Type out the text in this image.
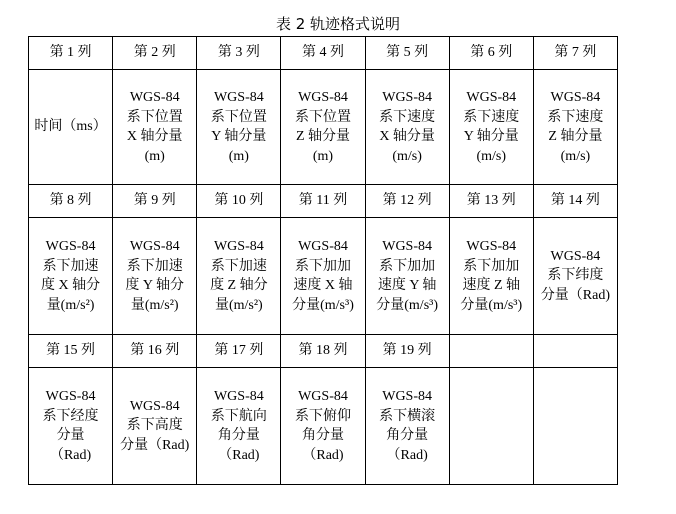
表 2 轨迹格式说明
第 1 列	第 2 列	第 3 列	第 4 列	第 5 列	第 6 列	第 7 列
时间（ms）	WGS-84
系下位置
X 轴分量
(m)	WGS-84
系下位置
Y 轴分量
(m)	WGS-84
系下位置
Z 轴分量
(m)	WGS-84
系下速度
X 轴分量
(m/s)	WGS-84
系下速度
Y 轴分量
(m/s)	WGS-84
系下速度
Z 轴分量
(m/s)
第 8 列	第 9 列	第 10 列	第 11 列	第 12 列	第 13 列	第 14 列
WGS-84
系下加速
度 X 轴分
量(m/s²)	WGS-84
系下加速
度 Y 轴分
量(m/s²)	WGS-84
系下加速
度 Z 轴分
量(m/s²)	WGS-84
系下加加
速度 X 轴
分量(m/s³)	WGS-84
系下加加
速度 Y 轴
分量(m/s³)	WGS-84
系下加加
速度 Z 轴
分量(m/s³)	WGS-84
系下纬度
分量（Rad)
第 15 列	第 16 列	第 17 列	第 18 列	第 19 列		
WGS-84
系下经度
分量
（Rad)	WGS-84
系下高度
分量（Rad)	WGS-84
系下航向
角分量
（Rad)	WGS-84
系下俯仰
角分量
（Rad)	WGS-84
系下横滚
角分量
（Rad)		
